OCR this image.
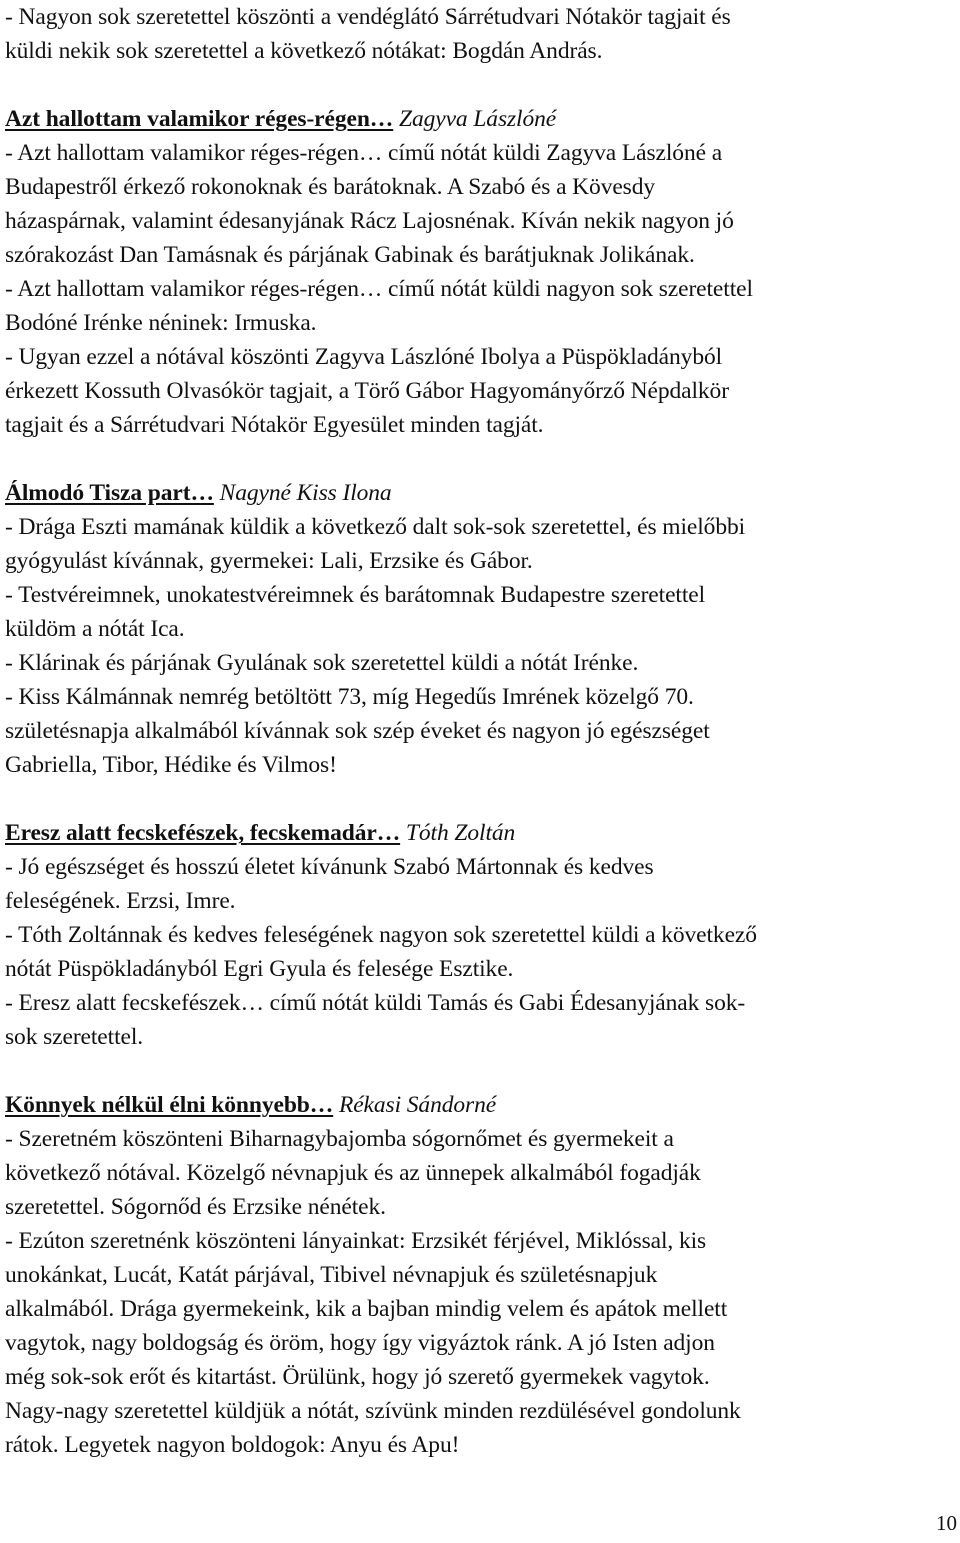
- Nagyon sok szeretettel köszönti a vendéglátó Sárrétudvari Nótakör tagjait és
küldi nekik sok szeretettel a következő nótákat: Bogdán András.
Azt hallottam valamikor réges-régen… Zagyva Lászlóné
- Azt hallottam valamikor réges-régen… című nótát küldi Zagyva Lászlóné a
Budapestről érkező rokonoknak és barátoknak. A Szabó és a Kövesdy
házaspárnak, valamint édesanyjának Rácz Lajosnénak. Kíván nekik nagyon jó
szórakozást Dan Tamásnak és párjának Gabinak és barátjuknak Jolikának.
- Azt hallottam valamikor réges-régen… című nótát küldi nagyon sok szeretettel
Bodóné Irénke néninek: Irmuska.
- Ugyan ezzel a nótával köszönti Zagyva Lászlóné Ibolya a Püspökladányból
érkezett Kossuth Olvasókör tagjait, a Törő Gábor Hagyományőrző Népdalkör
tagjait és a Sárrétudvari Nótakör Egyesület minden tagját.
Álmodó Tisza part… Nagyné Kiss Ilona
- Drága Eszti mamának küldik a következő dalt sok-sok szeretettel, és mielőbbi
gyógyulást kívánnak, gyermekei: Lali, Erzsike és Gábor.
- Testvéreimnek, unokatestvéreimnek és barátomnak Budapestre szeretettel
küldöm a nótát Ica.
- Klárinak és párjának Gyulának sok szeretettel küldi a nótát Irénke.
- Kiss Kálmánnak nemrég betöltött 73, míg Hegedűs Imrének közelgő 70.
születésnapja alkalmából kívánnak sok szép éveket és nagyon jó egészséget
Gabriella, Tibor, Hédike és Vilmos!
Eresz alatt fecskefészek, fecskemadár… Tóth Zoltán
- Jó egészséget és hosszú életet kívánunk Szabó Mártonnak és kedves
feleségének. Erzsi, Imre.
- Tóth Zoltánnak és kedves feleségének nagyon sok szeretettel küldi a következő
nótát Püspökladányból Egri Gyula és felesége Esztike.
- Eresz alatt fecskefészek… című nótát küldi Tamás és Gabi Édesanyjának sok-
sok szeretettel.
Könnyek nélkül élni könnyebb… Rékasi Sándorné
- Szeretném köszönteni Biharnagybajomba sógornőmet és gyermekeit a
következő nótával. Közelgő névnapjuk és az ünnepek alkalmából fogadják
szeretettel. Sógornőd és Erzsike nénétek.
- Ezúton szeretnénk köszönteni lányainkat: Erzsikét férjével, Miklóssal, kis
unokánkat, Lucát, Katát párjával, Tibivel névnapjuk és születésnapjuk
alkalmából. Drága gyermekeink, kik a bajban mindig velem és apátok mellett
vagytok, nagy boldogság és öröm, hogy így vigyáztok ránk. A jó Isten adjon
még sok-sok erőt és kitartást. Örülünk, hogy jó szerető gyermekek vagytok.
Nagy-nagy szeretettel küldjük a nótát, szívünk minden rezdülésével gondolunk
rátok. Legyetek nagyon boldogok: Anyu és Apu!
10
